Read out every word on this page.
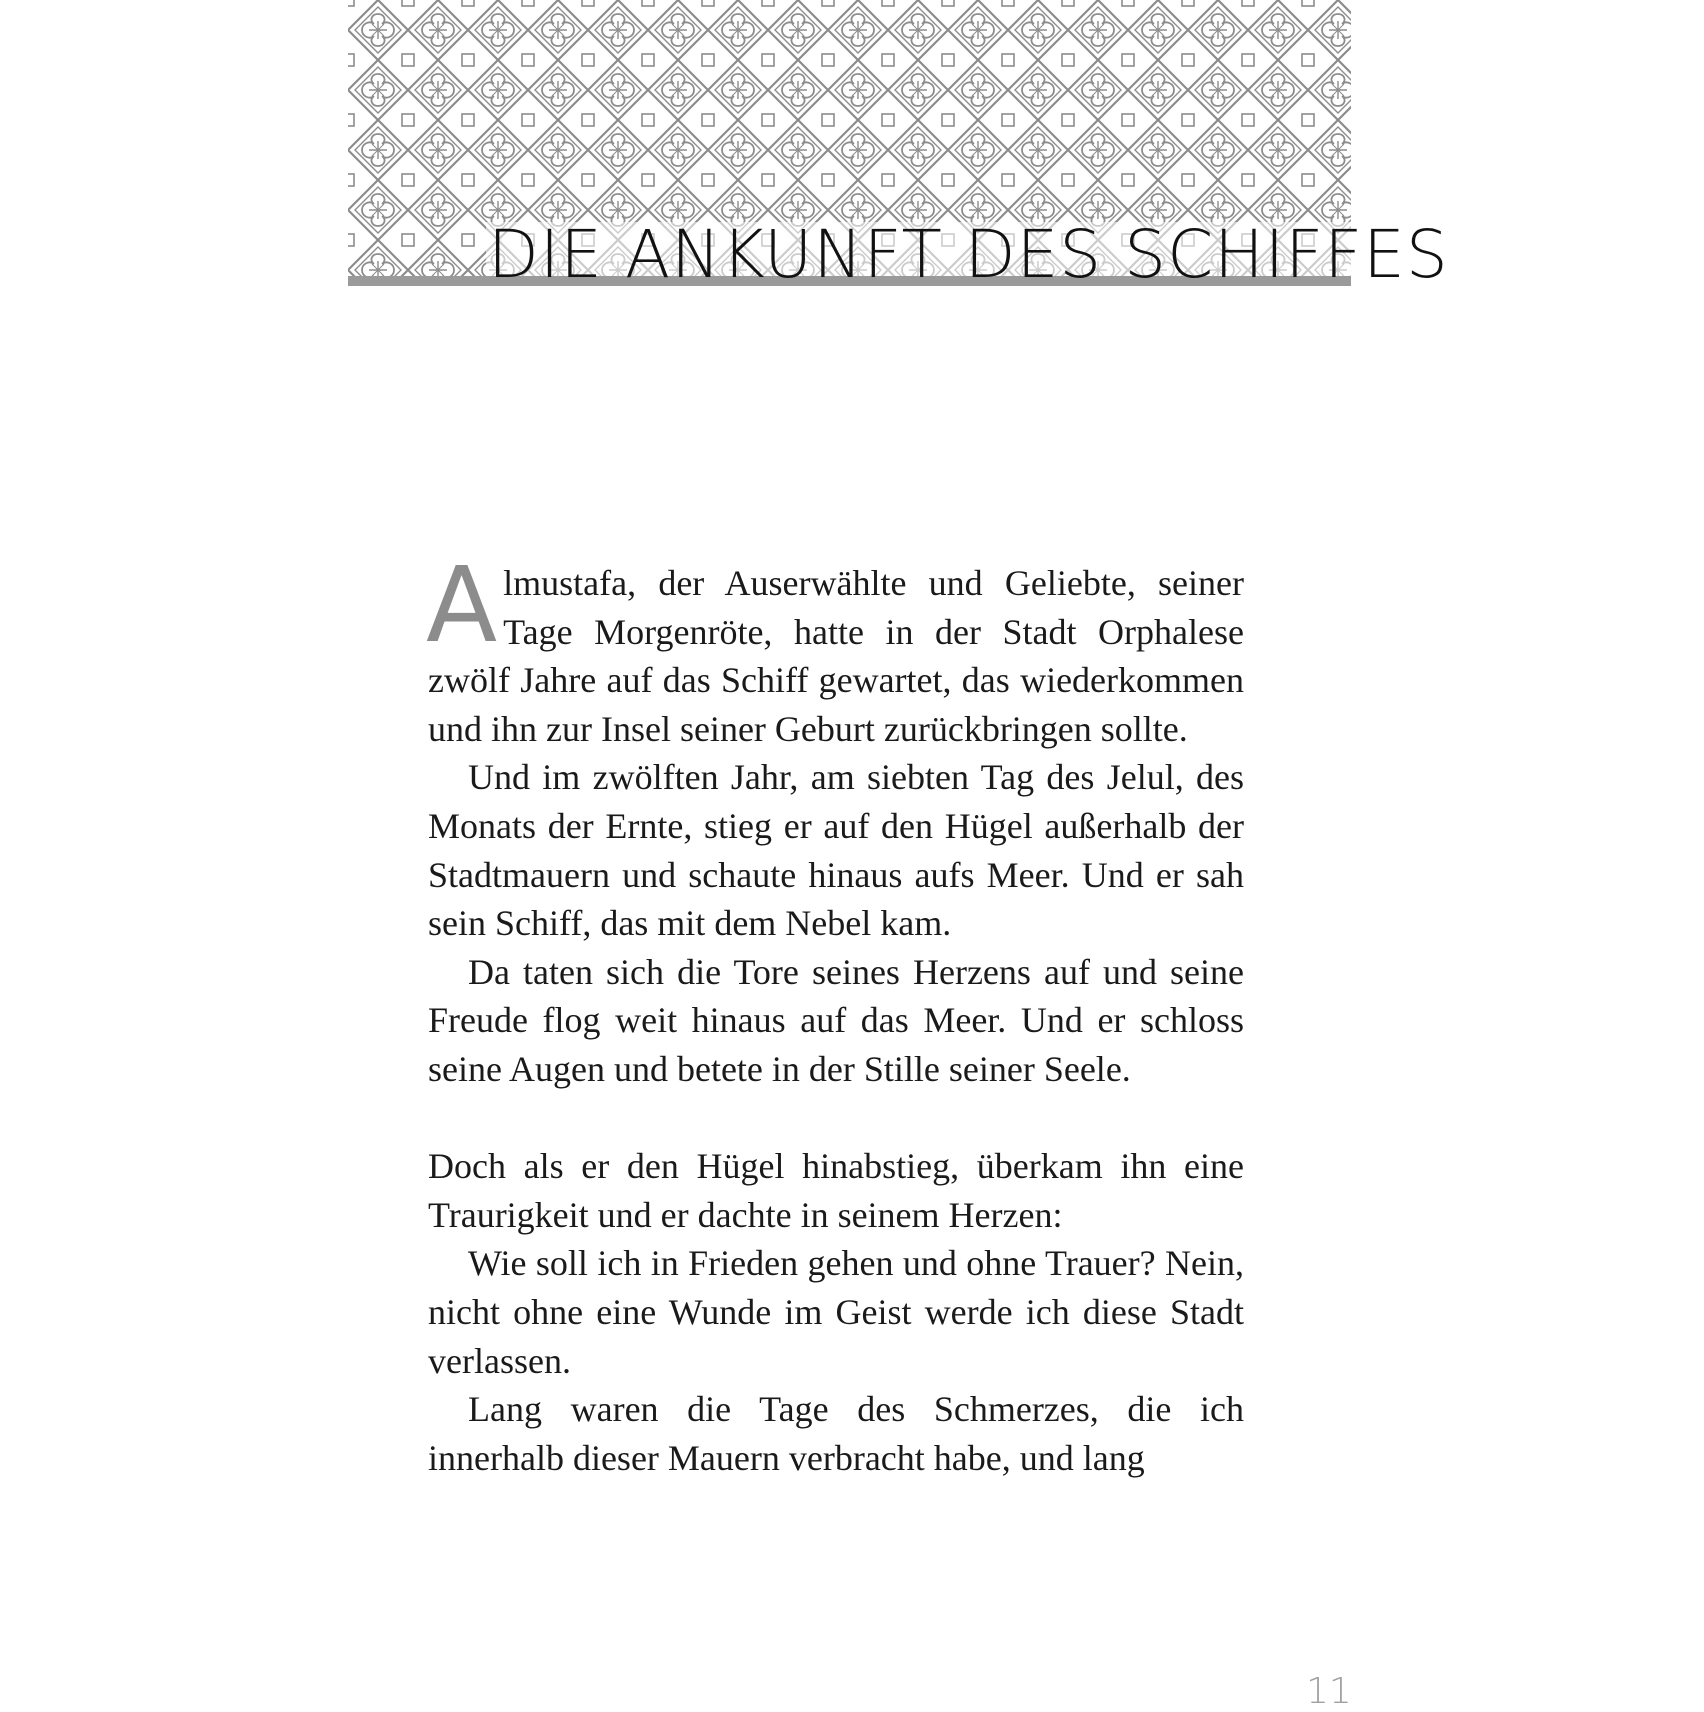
DIE ANKUNFT DES SCHIFFES

Almustafa, der Auserwählte und Geliebte, seiner Tage Morgenröte, hatte in der Stadt Orphalese zwölf Jahre auf das Schiff gewartet, das wiederkommen und ihn zur Insel seiner Geburt zurückbringen sollte.

Und im zwölften Jahr, am siebten Tag des Jelul, des Monats der Ernte, stieg er auf den Hügel außerhalb der Stadtmauern und schaute hinaus aufs Meer. Und er sah sein Schiff, das mit dem Nebel kam.

Da taten sich die Tore seines Herzens auf und seine Freude flog weit hinaus auf das Meer. Und er schloss seine Augen und betete in der Stille seiner Seele.

Doch als er den Hügel hinabstieg, überkam ihn eine Traurigkeit und er dachte in seinem Herzen:

Wie soll ich in Frieden gehen und ohne Trauer? Nein, nicht ohne eine Wunde im Geist werde ich diese Stadt verlassen.

Lang waren die Tage des Schmerzes, die ich innerhalb dieser Mauern verbracht habe, und lang

11
